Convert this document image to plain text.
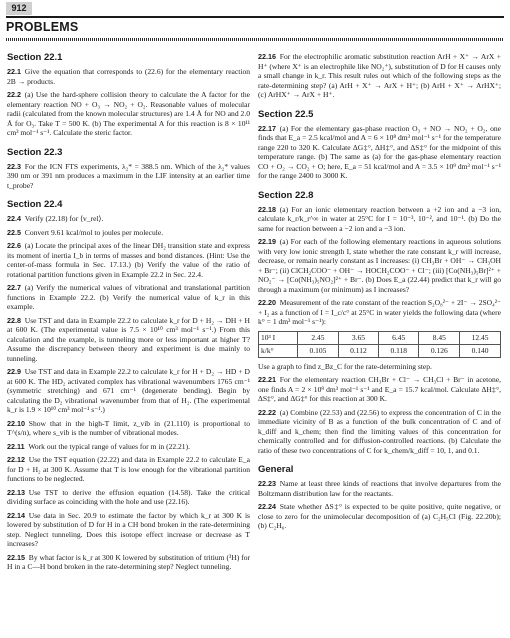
912
PROBLEMS
Section 22.1
22.1  Give the equation that corresponds to (22.6) for the elementary reaction 2B → products.
22.2  (a) Use the hard-sphere collision theory to calculate the A factor for the elementary reaction NO + O₃ → NO₂ + O₂. Reasonable values of molecular radii (calculated from the known molecular structures) are 1.4 Å for NO and 2.0 Å for O₃. Take T = 500 K. (b) The experimental A for this reaction is 8 × 10¹¹ cm³ mol⁻¹ s⁻¹. Calculate the steric factor.
Section 22.3
22.3  For the ICN FTS experiments, λ₂* = 388.5 nm. Which of the λ₂* values 390 nm or 391 nm produces a maximum in the LIF intensity at an earlier time t_probe?
Section 22.4
22.4  Verify (22.18) for ⟨v_rel⟩.
22.5  Convert 9.61 kcal/mol to joules per molecule.
22.6  (a) Locate the principal axes of the linear DH₂ transition state and express its moment of inertia I_b in terms of masses and bond distances. (Hint: Use the center-of-mass formula in Sec. 17.13.) (b) Verify the value of the ratio of rotational partition functions given in Example 22.2 in Sec. 22.4.
22.7  (a) Verify the numerical values of vibrational and translational partition functions in Example 22.2. (b) Verify the numerical value of k_r in this example.
22.8  Use TST and data in Example 22.2 to calculate k_r for D + H₂ → DH + H at 600 K. (The experimental value is 7.5 × 10¹⁰ cm³ mol⁻¹ s⁻¹.) From this calculation and the example, is tunneling more or less important at higher T? Assume the discrepancy between theory and experiment is due mainly to tunneling.
22.9  Use TST and data in Example 22.2 to calculate k_r for H + D₂ → HD + D at 600 K. The HD₂ activated complex has vibrational wavenumbers 1765 cm⁻¹ (symmetric stretching) and 671 cm⁻¹ (degenerate bending). Begin by calculating the D₂ vibrational wavenumber from that of H₂. (The experimental k_r is 1.9 × 10¹⁰ cm³ mol⁻¹ s⁻¹.)
22.10  Show that in the high-T limit, z_vib in (21.110) is proportional to T^(s/n), where s_vib is the number of vibrational modes.
22.11  Work out the typical range of values for m in (22.21).
22.12  Use the TST equation (22.22) and data in Example 22.2 to calculate E_a for D + H₂ at 300 K. Assume that T is low enough for the vibrational partition functions to be neglected.
22.13  Use TST to derive the effusion equation (14.58). Take the critical dividing surface as coinciding with the hole and use (22.16).
22.14  Use data in Sec. 20.9 to estimate the factor by which k_r at 300 K is lowered by substitution of D for H in a CH bond broken in the rate-determining step. Neglect tunneling. Does this isotope effect increase or decrease as T increases?
22.15  By what factor is k_r at 300 K lowered by substitution of tritium (³H) for H in a C—H bond broken in the rate-determining step? Neglect tunneling.
22.16  For the electrophilic aromatic substitution reaction ArH + X⁺ → ArX + H⁺ (where X⁺ is an electrophile like NO₂⁺), substitution of D for H causes only a small change in k_r. This result rules out which of the following steps as the rate-determining step? (a) ArH + X⁺ → ArX + H⁺; (b) ArH + X⁺ → ArHX⁺; (c) ArHX⁺ → ArX + H⁺.
Section 22.5
22.17  (a) For the elementary gas-phase reaction O₃ + NO → NO₂ + O₂, one finds that E_a = 2.5 kcal/mol and A = 6 × 10⁸ dm³ mol⁻¹ s⁻¹ for the temperature range 220 to 320 K. Calculate ΔG‡°, ΔH‡°, and ΔS‡° for the midpoint of this temperature range. (b) The same as (a) for the gas-phase elementary reaction CO + O₂ → CO₂ + O; here, E_a = 51 kcal/mol and A = 3.5 × 10⁹ dm³ mol⁻¹ s⁻¹ for the range 2400 to 3000 K.
Section 22.8
22.18  (a) For an ionic elementary reaction between a +2 ion and a −3 ion, calculate k_r/k_r^∞ in water at 25°C for I = 10⁻³, 10⁻², and 10⁻¹. (b) Do the same for reaction between a −2 ion and a −3 ion.
22.19  (a) For each of the following elementary reactions in aqueous solutions with very low ionic strength I, state whether the rate constant k_r will increase, decrease, or remain nearly constant as I increases: (i) CH₃Br + OH⁻ → CH₃OH + Br⁻; (ii) ClCH₂COO⁻ + OH⁻ → HOCH₂COO⁻ + Cl⁻; (iii) [Co(NH₃)₅Br]²⁺ + NO₂⁻ → [Co(NH₃)₅NO₂]²⁺ + Br⁻. (b) Does E_a (22.44) predict that k_r will go through a maximum (or minimum) as I increases?
22.20  Measurement of the rate constant of the reaction S₂O₈²⁻ + 2I⁻ → 2SO₄²⁻ + I₂ as a function of I = I_c/c° at 25°C in water yields the following data (where k° = 1 dm³ mol⁻¹ s⁻¹):
10³ I	2.45	3.65	6.45	8.45	12.45
k/k°	0.105	0.112	0.118	0.126	0.140
Use a graph to find z_Bz_C for the rate-determining step.
22.21  For the elementary reaction CH₃Br + Cl⁻ → CH₃Cl + Br⁻ in acetone, one finds A = 2 × 10⁹ dm³ mol⁻¹ s⁻¹ and E_a = 15.7 kcal/mol. Calculate ΔH‡°, ΔS‡°, and ΔG‡° for this reaction at 300 K.
22.22  (a) Combine (22.53) and (22.56) to express the concentration of C in the immediate vicinity of B as a function of the bulk concentration of C and of k_diff and k_chem; then find the limiting values of this concentration for chemically controlled and for diffusion-controlled reactions. (b) Calculate the ratio of these two concentrations of C for k_chem/k_diff = 10, 1, and 0.1.
General
22.23  Name at least three kinds of reactions that involve departures from the Boltzmann distribution law for the reactants.
22.24  State whether ΔS‡° is expected to be quite positive, quite negative, or close to zero for the unimolecular decomposition of (a) C₂H₅Cl (Fig. 22.20b); (b) C₂H₆.
